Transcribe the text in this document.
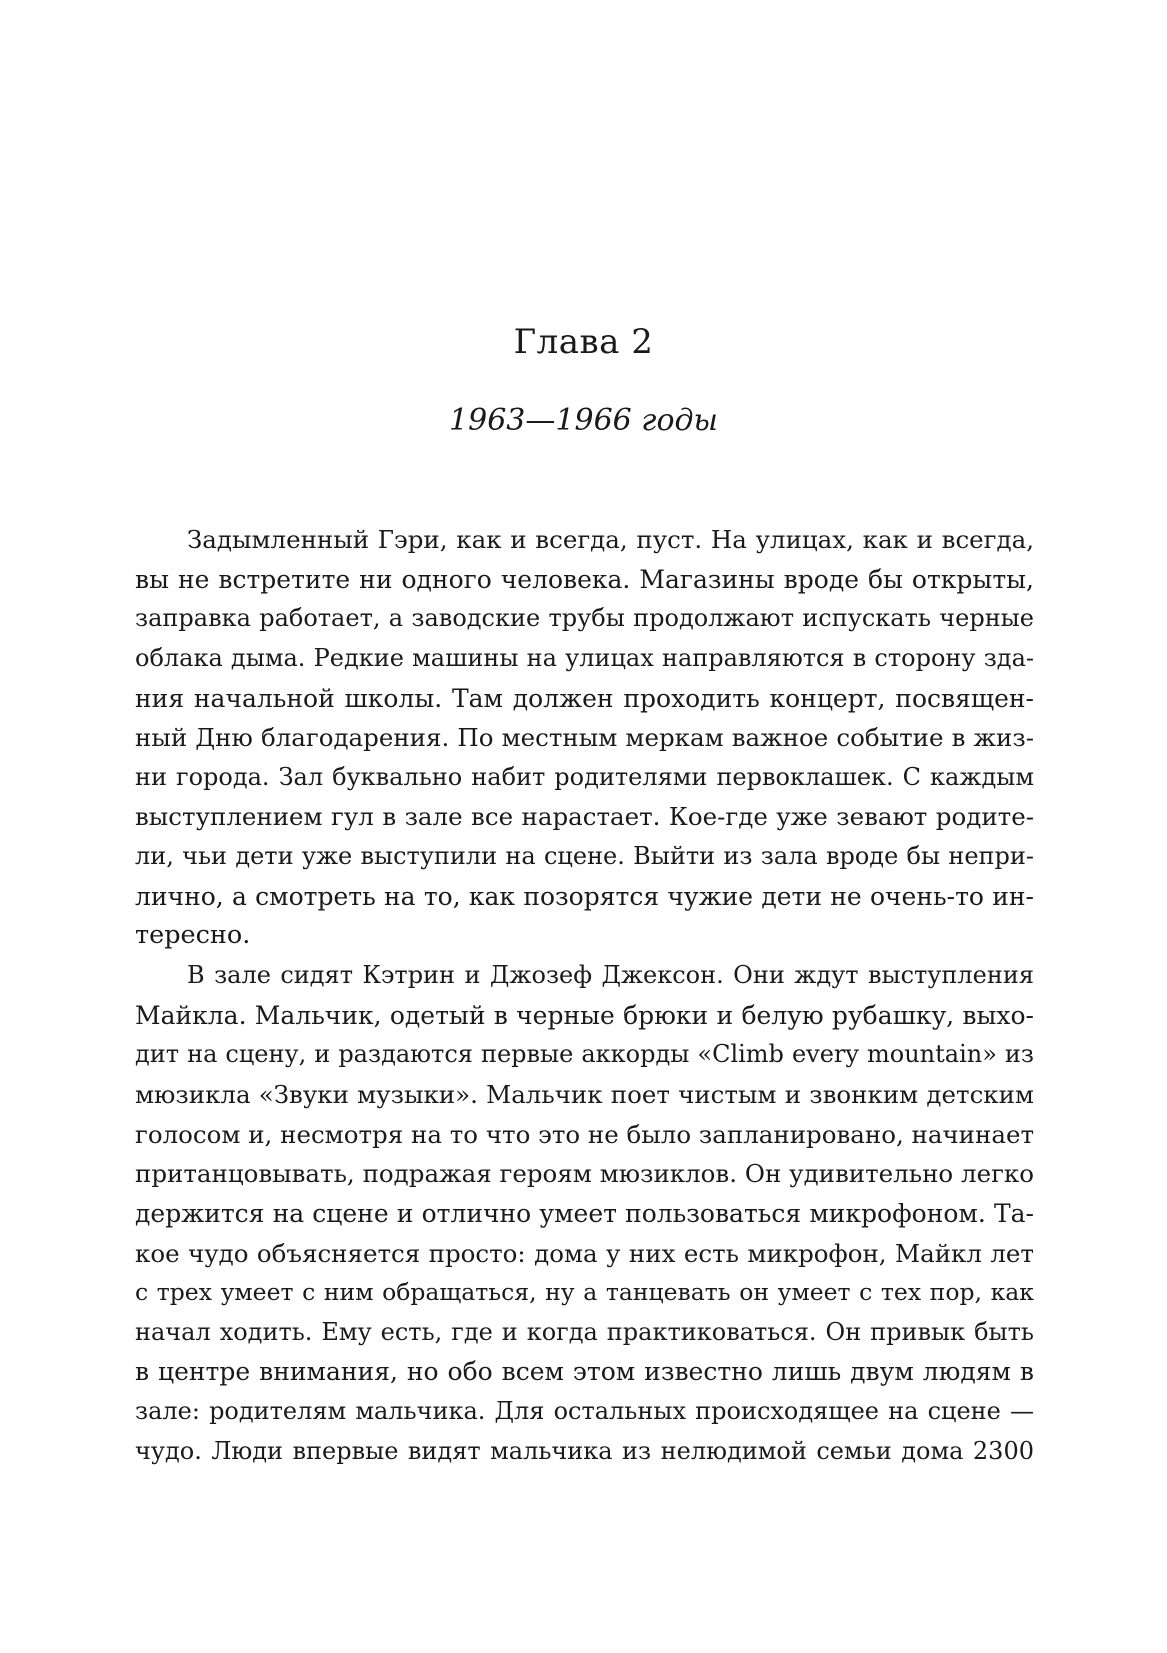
Глава 2
1963—1966 годы
Задымленный Гэри, как и всегда, пуст. На улицах, как и всегда,
вы не встретите ни одного человека. Магазины вроде бы открыты,
заправка работает, а заводские трубы продолжают испускать черные
облака дыма. Редкие машины на улицах направляются в сторону зда-
ния начальной школы. Там должен проходить концерт, посвящен-
ный Дню благодарения. По местным меркам важное событие в жиз-
ни города. Зал буквально набит родителями первоклашек. С каждым
выступлением гул в зале все нарастает. Кое-где уже зевают родите-
ли, чьи дети уже выступили на сцене. Выйти из зала вроде бы непри-
лично, а смотреть на то, как позорятся чужие дети не очень-то ин-
тересно.
В зале сидят Кэтрин и Джозеф Джексон. Они ждут выступления
Майкла. Мальчик, одетый в черные брюки и белую рубашку, выхо-
дит на сцену, и раздаются первые аккорды «Climb every mountain» из
мюзикла «Звуки музыки». Мальчик поет чистым и звонким детским
голосом и, несмотря на то что это не было запланировано, начинает
пританцовывать, подражая героям мюзиклов. Он удивительно легко
держится на сцене и отлично умеет пользоваться микрофоном. Та-
кое чудо объясняется просто: дома у них есть микрофон, Майкл лет
с трех умеет с ним обращаться, ну а танцевать он умеет с тех пор, как
начал ходить. Ему есть, где и когда практиковаться. Он привык быть
в центре внимания, но обо всем этом известно лишь двум людям в
зале: родителям мальчика. Для остальных происходящее на сцене —
чудо. Люди впервые видят мальчика из нелюдимой семьи дома 2300
